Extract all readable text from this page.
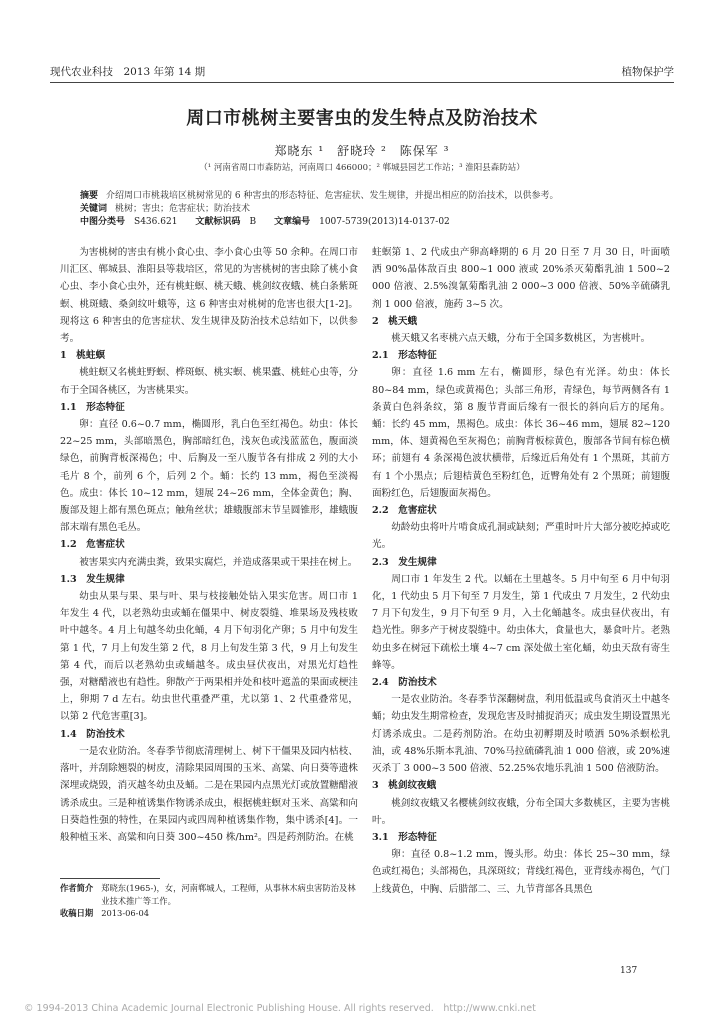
现代农业科技　2013 年第 14 期	植物保护学
周口市桃树主要害虫的发生特点及防治技术
郑晓东 ¹　舒晓玲 ²　陈保军 ³
（¹ 河南省周口市森防站，河南周口 466000；² 郸城县园艺工作站；³ 淮阳县森防站）
摘要 介绍周口市桃栽培区桃树常见的 6 种害虫的形态特征、危害症状、发生规律，并提出相应的防治技术，以供参考。
关键词 桃树；害虫；危害症状；防治技术
中图分类号　 S436.621 文献标识码　 B 文章编号　 1007-5739(2013)14-0137-02

为害桃树的害虫有桃小食心虫、李小食心虫等 50 余种。在周口市川汇区、郸城县、淮阳县等栽培区，常见的为害桃树的害虫除了桃小食心虫、李小食心虫外，还有桃蛀螟、桃天蛾、桃剑纹夜蛾、桃白条紫斑螟、桃斑蛾、桑剑纹叶蛾等，这 6 种害虫对桃树的危害也很大[1-2]。现将这 6 种害虫的危害症状、发生规律及防治技术总结如下，以供参考。

1　桃蛀螟

桃蛀螟又名桃蛀野螟、桦斑螟、桃实螟、桃果蠹、桃蛀心虫等，分布于全国各桃区，为害桃果实。

1.1　形态特征

卵：直径 0.6~0.7 mm，椭圆形，乳白色至红褐色。幼虫：体长 22~25 mm，头部暗黑色，胸部暗红色，浅灰色或浅蓝蓝色，腹面淡绿色，前胸背板深褐色；中、后胸及一至八腹节各有排成 2 列的大小毛片 8 个，前列 6 个，后列 2 个。蛹：长约 13 mm，褐色至淡褐色。成虫：体长 10~12 mm，翅展 24~26 mm，全体金黄色；胸、腹部及翅上都有黑色斑点；触角丝状；雄蛾腹部末节呈圆锥形，雄蛾腹部末端有黑色毛丛。

1.2　危害症状

被害果实内充满虫粪，致果实腐烂，并造成落果或干果挂在树上。

1.3　发生规律

幼虫从果与果、果与叶、果与枝接触处钻入果实危害。周口市 1 年发生 4 代，以老熟幼虫或蛹在僵果中、树皮裂缝、堆果场及残枝败叶中越冬。4 月上旬越冬幼虫化蛹，4 月下旬羽化产卵；5 月中旬发生第 1 代，7 月上旬发生第 2 代，8 月上旬发生第 3 代，9 月上旬发生第 4 代，而后以老熟幼虫或蛹越冬。成虫昼伏夜出，对黑光灯趋性强，对糖醋液也有趋性。卵散产于两果相并处和枝叶遮盖的果面或梗洼上，卵期 7 d 左右。幼虫世代重叠严重，尤以第 1、2 代重叠常见，以第 2 代危害重[3]。

1.4　防治技术

一是农业防治。冬春季节彻底清理树上、树下干僵果及园内枯枝、落叶，并刮除翘裂的树皮，清除果园周围的玉米、高粱、向日葵等遗株深埋或烧毁，消灭越冬幼虫及蛹。二是在果园内点黑光灯或放置糖醋液诱杀成虫。三是种植诱集作物诱杀成虫，根据桃蛀螟对玉米、高粱和向日葵趋性强的特性，在果园内或四周种植诱集作物，集中诱杀[4]。一般种植玉米、高粱和向日葵 300~450 株/hm²。四是药剂防治。在桃

蛀螟第 1、2 代成虫产卵高峰期的 6 月 20 日至 7 月 30 日，叶面喷洒 90%晶体敌百虫 800~1 000 液或 20%杀灭菊酯乳油 1 500~2 000 倍液、2.5%溴氰菊酯乳油 2 000~3 000 倍液、50%辛硫磷乳剂 1 000 倍液，施药 3~5 次。

2　桃天蛾

桃天蛾又名枣桃六点天蛾，分布于全国多数桃区，为害桃叶。

2.1　形态特征

卵：直径 1.6 mm 左右，椭圆形，绿色有光泽。幼虫：体长 80~84 mm，绿色或黄褐色；头部三角形，青绿色，每节两侧各有 1 条黄白色斜条纹，第 8 腹节背面后缘有一很长的斜向后方的尾角。蛹：长约 45 mm，黑褐色。成虫：体长 36~46 mm，翅展 82~120 mm，体、翅黄褐色至灰褐色；前胸背板棕黄色，腹部各节间有棕色横环；前翅有 4 条深褐色波状横带，后缘近后角处有 1 个黑斑，其前方有 1 个小黑点；后翅桔黄色至粉红色，近臀角处有 2 个黑斑；前翅腹面粉红色，后翅腹面灰褐色。

2.2　危害症状

幼龄幼虫将叶片啃食成孔洞或缺刻；严重时叶片大部分被吃掉或吃光。

2.3　发生规律

周口市 1 年发生 2 代。以蛹在土里越冬。5 月中旬至 6 月中旬羽化，1 代幼虫 5 月下旬至 7 月发生，第 1 代成虫 7 月发生，2 代幼虫 7 月下旬发生，9 月下旬至 9 月，入土化蛹越冬。成虫昼伏夜出，有趋光性。卵多产于树皮裂缝中。幼虫体大，食量也大，暴食叶片。老熟幼虫多在树冠下疏松土壤 4~7 cm 深处做土室化蛹，幼虫天敌有寄生蜂等。

2.4　防治技术

一是农业防治。冬春季节深翻树盘，利用低温或鸟食消灭土中越冬蛹；幼虫发生期常检查，发现危害及时捕捉消灭；成虫发生期设置黑光灯诱杀成虫。二是药剂防治。在幼虫初孵期及时喷洒 50%杀螟松乳油，或 48%乐斯本乳油、70%马拉硫磷乳油 1 000 倍液，或 20%速灭杀丁 3 000~3 500 倍液、52.25%农地乐乳油 1 500 倍液防治。

3　桃剑纹夜蛾

桃剑纹夜蛾又名樱桃剑纹夜蛾，分布全国大多数桃区，主要为害桃叶。

3.1　形态特征

卵：直径 0.8~1.2 mm，馒头形。幼虫：体长 25~30 mm，绿色或红褐色；头部褐色，具深斑纹；背线红褐色，亚背线赤褐色，气门上线黄色，中胸、后腊部二、三、九节背部各具黑色

作者简介 郑晓东(1965-)，女，河南郸城人，工程师，从事林木病虫害防治及林业技术推广等工作。
收稿日期 2013-06-04
137
© 1994-2013 China Academic Journal Electronic Publishing House. All rights reserved.　http://www.cnki.net
